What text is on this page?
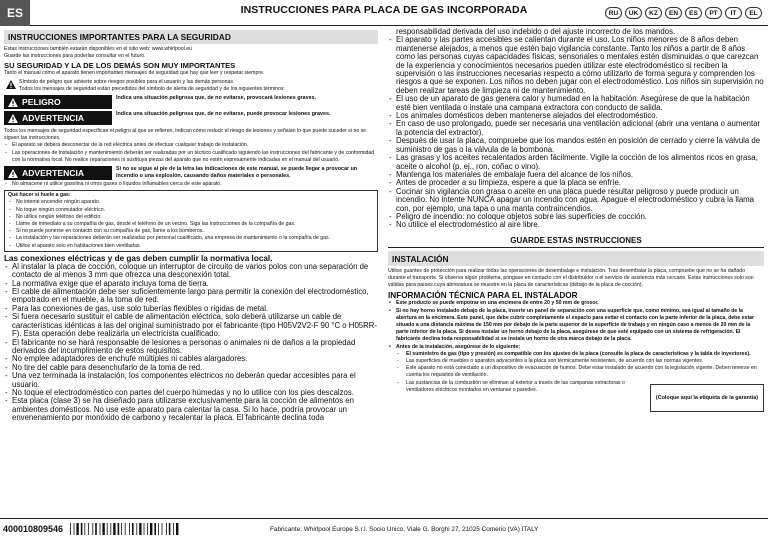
ES	INSTRUCCIONES PARA PLACA DE GAS INCORPORADA	RU	UK	KZ	EN	ES	PT	IT	EL
INSTRUCCIONES IMPORTANTES PARA LA SEGURIDAD
Estas instrucciones también estarán disponibles en el sitio web: www.whirlpool.eu
Guarde las instrucciones para poderlas consultar en el futuro.
SU SEGURIDAD Y LA DE LOS DEMÁS SON MUY IMPORTANTES
Tanto el manual como el aparato tienen importantes mensajes de seguridad que hay que leer y respetar siempre.
Símbolo de peligro que advierte sobre riesgos posibles para el usuario y las demás personas.
Todos los mensajes de seguridad están precedidos del símbolo de alerta de seguridad y de los siguientes términos:
PELIGRO	Indica una situación peligrosa que, de no evitarse, provocará lesiones graves.
ADVERTENCIA	Indica una situación peligrosa que, de no evitarse, puede provocar lesiones graves.
Todos los mensajes de seguridad especifican el peligro al que se refieren, indican cómo reducir el riesgo de lesiones y señalan lo que puede suceder si no se siguen las instrucciones.
- El aparato se deberá desconectar de la red eléctrica antes de efectuar cualquier trabajo de instalación.
- Las operaciones de instalación y mantenimiento deberán ser realizadas por un técnico cualificado siguiendo las instrucciones del fabricante y de conformidad con la normativa local. No realice reparaciones ni sustituya piezas del aparato que no estén expresamente indicadas en el manual del usuario.
ADVERTENCIA	Si no se sigue al pie de la letra las indicaciones de este manual, se puede llegar a provocar un incendio o una explosión, causando daños materiales o personales.
- No almacene ni utilice gasolina ni otros gases o líquidos inflamables cerca de este aparato.
Qué hacer si huele a gas:
- No intente encender ningún aparato.
- No toque ningún conmutador eléctrico.
- No utilice ningún teléfono del edificio.
- Llame de inmediato a su compañía de gas, desde el teléfono de un vecino. Siga las instrucciones de la compañía de gas.
- Si no puede ponerse en contacto con su compañía de gas, llame a los bomberos.
- La instalación y las reparaciones deberán ser realizadas por personal cualificado, una empresa de mantenimiento o la compañía de gas.
- Utilice el aparato solo en habitaciones bien ventiladas.
Las conexiones eléctricas y de gas deben cumplir la normativa local.
- Al instalar la placa de cocción, coloque un interruptor de circuito de varios polos con una separación de contacto de al menos 3 mm que ofrezca una desconexión total.
- La normativa exige que el aparato incluya toma de tierra.
- El cable de alimentación debe ser suficientemente largo para permitir la conexión del electrodoméstico, empotrado en el mueble, a la toma de red.
- Para las conexiones de gas, use solo tuberías flexibles o rígidas de metal.
- Si fuera necesario sustituir el cable de alimentación eléctrica, solo deberá utilizarse un cable de características idénticas a las del original suministrado por el fabricante (tipo H05V2V2-F 90 °C o H05RR-F). Esta operación debe realizarla un electricista cualificado.
- El fabricante no se hará responsable de lesiones a personas o animales ni de daños a la propiedad derivados del incumplimiento de estos requisitos.
- No emplee adaptadores de enchufe múltiples ni cables alargadores.
- No tire del cable para desenchufarlo de la toma de red.
- Una vez terminada la instalación, los componentes eléctricos no deberán quedar accesibles para el usuario.
- No toque el electrodoméstico con partes del cuerpo húmedas y no lo utilice con los pies descalzos.
- Esta placa (clase 3) se ha diseñado para utilizarse exclusivamente para la cocción de alimentos en ambientes domésticos. No use este aparato para calentar la casa. Si lo hace, podría provocar un envenenamiento por monóxido de carbono y recalentar la placa. El fabricante declina toda
responsabilidad derivada del uso indebido o del ajuste incorrecto de los mandos.
- El aparato y las partes accesibles se calientan durante el uso. Los niños menores de 8 años deben mantenerse alejados, a menos que estén bajo vigilancia constante. Tanto los niños a partir de 8 años como las personas cuyas capacidades físicas, sensoriales o mentales estén disminuidas o que carezcan de la experiencia y conocimientos necesarios pueden utilizar este electrodoméstico si reciben la supervisión o las instrucciones necesarias respecto a cómo utilizarlo de forma segura y comprenden los riesgos a que se exponen. Los niños no deben jugar con el electrodoméstico. Los niños sin supervisión no deben realizar tareas de limpieza ni de mantenimiento.
- El uso de un aparato de gas genera calor y humedad en la habitación. Asegúrese de que la habitación esté bien ventilada o instale una campana extractora con conducto de salida.
- Los animales domésticos deben mantenerse alejados del electrodoméstico.
- En caso de uso prolongado, puede ser necesaria una ventilación adicional (abrir una ventana o aumentar la potencia del extractor).
- Después de usar la placa, compruebe que los mandos estén en posición de cerrado y cierre la válvula de suministro de gas o la válvula de la bombona.
- Las grasas y los aceites recalentados arden fácilmente. Vigile la cocción de los alimentos ricos en grasa, aceite o alcohol (p. ej., ron, coñac o vino).
- Mantenga los materiales de embalaje fuera del alcance de los niños.
- Antes de proceder a su limpieza, espere a que la placa se enfríe.
- Cocinar sin vigilancia con grasa o aceite en una placa puede resultar peligroso y puede producir un incendio. No intente NUNCA apagar un incendio con agua. Apague el electrodoméstico y cubra la llama con, por ejemplo, una tapa o una manta contraincendios.
- Peligro de incendio: no coloque objetos sobre las superficies de cocción.
- No utilice el electrodoméstico al aire libre.
GUARDE ESTAS INSTRUCCIONES
INSTALACIÓN
Utilice guantes de protección para realizar todas las operaciones de desembalaje e instalación. Tras desembalar la placa, compruebe que no se ha dañado durante el transporte. Si observa algún problema, póngase en contacto con el distribuidor o el servicio de asistencia más cercano. Estas instrucciones solo son válidas para países cuya abreviatura se muestre en la placa de características (debajo de la placa de cocción).
INFORMACIÓN TÉCNICA PARA EL INSTALADOR
• Este producto se puede empotrar en una encimera de entre 20 y 50 mm de grosor.
• Si no hay horno instalado debajo de la placa, inserte un panel de separación con una superficie que, como mínimo, sea igual al tamaño de la abertura en la encimera. Este panel, que debe cubrir completamente el espacio para evitar el contacto con la parte inferior de la placa, debe estar situado a una distancia máxima de 150 mm por debajo de la parte superior de la superficie de trabajo y en ningún caso a menos de 20 mm de la parte inferior de la placa. Si desea instalar un horno debajo de la placa, asegúrese de que esté equipado con un sistema de refrigeración. El fabricante declina toda responsabilidad si se instala un horno de otra marca debajo de la placa.
• Antes de la instalación, asegúrese de lo siguiente:
- El suministro de gas (tipo y presión) es compatible con los ajustes de la placa (consulte la placa de características y la tabla de inyectores).
- Las superficies de muebles o aparatos adyacentes a la placa son térmicamente resistentes, de acuerdo con las normas vigentes.
- Este aparato no está conectado a un dispositivo de evacuación de humos. Debe estar instalado de acuerdo con la legislación vigente. Deben tenerse en cuenta los requisitos de ventilación.
- Las sustancias de la combustión se eliminan al exterior a través de las campanas extractoras o ventiladores eléctricos montados en ventanas o paredes.
(Coloque aquí la etiqueta de la garantía)
400010809546	Fabricante: Whirlpool Europe S.r.l. Socio Unico, Viale G. Borghi 27, 21025 Comerio (VA) ITALY
